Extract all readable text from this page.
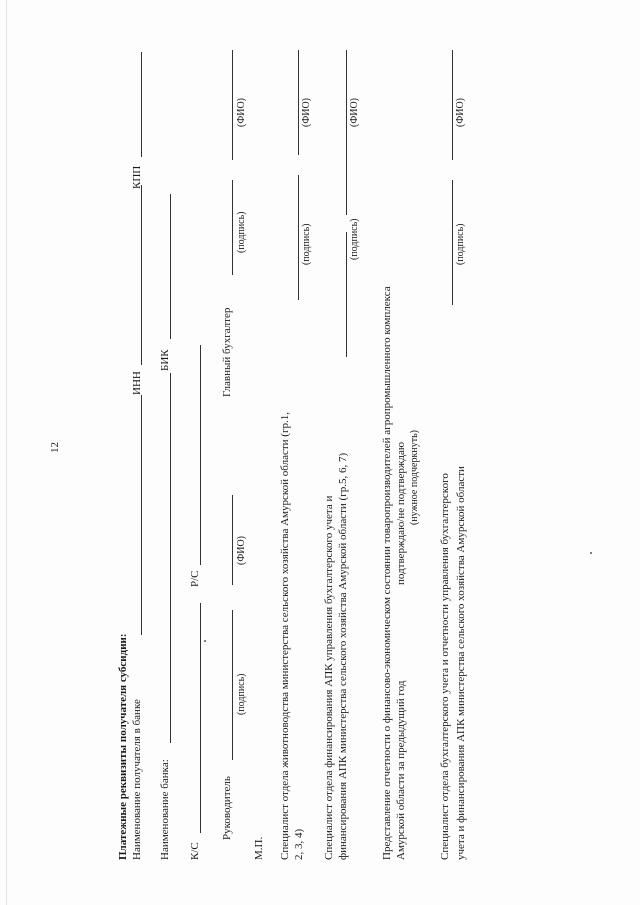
12
Платежные реквизиты получателя субсидии: Наименование получателя в банке
ИНН
КПП
Наименование банка:
БИК
К/С
Р/С
Руководитель
Главный бухгалтер
(подпись)
(ФИО)
(подпись)
(ФИО)
М.П. Специалист отдела животноводства министерства сельского хозяйства Амурской области (гр.1, 2, 3, 4)
(подпись)
(ФИО)
Специалист отдела финансирования АПК управления бухгалтерского учета и финансирования АПК министерства сельского хозяйства Амурской области (гр.5, 6, 7)
(подпись)
(ФИО)
Представление отчетности о финансово-экономическом состоянии товаропроизводителей агропромышленного комплекса Амурской области за предыдущий год
подтверждаю/не подтверждаю (нужное подчеркнуть) Специалист отдела бухгалтерского учета и отчетности управления бухгалтерского учета и финансирования АПК министерства сельского хозяйства Амурской области
(подпись)
(ФИО)
